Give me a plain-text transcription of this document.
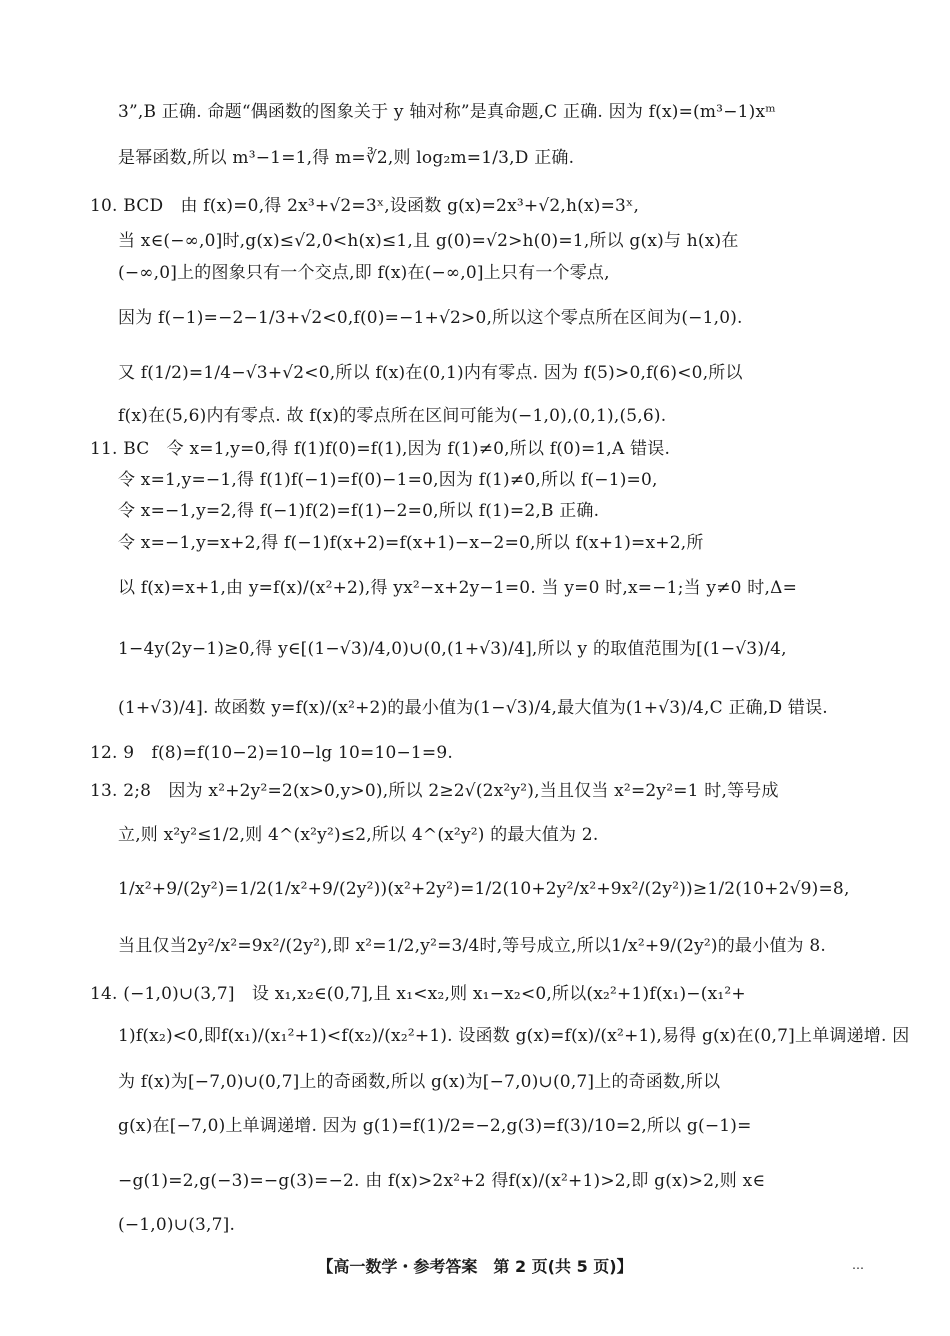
3”,B 正确. 命题“偶函数的图象关于 y 轴对称”是真命题,C 正确. 因为 f(x)=(m³−1)xᵐ
是幂函数,所以 m³−1=1,得 m=∛2,则 log₂m=1/3,D 正确.
10. BCD　由 f(x)=0,得 2x³+√2=3ˣ,设函数 g(x)=2x³+√2,h(x)=3ˣ,
当 x∈(−∞,0]时,g(x)≤√2,0<h(x)≤1,且 g(0)=√2>h(0)=1,所以 g(x)与 h(x)在
(−∞,0]上的图象只有一个交点,即 f(x)在(−∞,0]上只有一个零点,
因为 f(−1)=−2−1/3+√2<0,f(0)=−1+√2>0,所以这个零点所在区间为(−1,0).
又 f(1/2)=1/4−√3+√2<0,所以 f(x)在(0,1)内有零点. 因为 f(5)>0,f(6)<0,所以
f(x)在(5,6)内有零点. 故 f(x)的零点所在区间可能为(−1,0),(0,1),(5,6).
11. BC　令 x=1,y=0,得 f(1)f(0)=f(1),因为 f(1)≠0,所以 f(0)=1,A 错误.
令 x=1,y=−1,得 f(1)f(−1)=f(0)−1=0,因为 f(1)≠0,所以 f(−1)=0,
令 x=−1,y=2,得 f(−1)f(2)=f(1)−2=0,所以 f(1)=2,B 正确.
令 x=−1,y=x+2,得 f(−1)f(x+2)=f(x+1)−x−2=0,所以 f(x+1)=x+2,所
以 f(x)=x+1,由 y=f(x)/(x²+2),得 yx²−x+2y−1=0. 当 y=0 时,x=−1;当 y≠0 时,Δ=
1−4y(2y−1)≥0,得 y∈[(1−√3)/4,0)∪(0,(1+√3)/4],所以 y 的取值范围为[(1−√3)/4,
(1+√3)/4]. 故函数 y=f(x)/(x²+2)的最小值为(1−√3)/4,最大值为(1+√3)/4,C 正确,D 错误.
12. 9　f(8)=f(10−2)=10−lg 10=10−1=9.
13. 2;8　因为 x²+2y²=2(x>0,y>0),所以 2≥2√(2x²y²),当且仅当 x²=2y²=1 时,等号成
立,则 x²y²≤1/2,则 4^(x²y²)≤2,所以 4^(x²y²) 的最大值为 2.
1/x²+9/(2y²)=1/2(1/x²+9/(2y²))(x²+2y²)=1/2(10+2y²/x²+9x²/(2y²))≥1/2(10+2√9)=8,
当且仅当2y²/x²=9x²/(2y²),即 x²=1/2,y²=3/4时,等号成立,所以1/x²+9/(2y²)的最小值为 8.
14. (−1,0)∪(3,7]　设 x₁,x₂∈(0,7],且 x₁<x₂,则 x₁−x₂<0,所以(x₂²+1)f(x₁)−(x₁²+
1)f(x₂)<0,即f(x₁)/(x₁²+1)<f(x₂)/(x₂²+1). 设函数 g(x)=f(x)/(x²+1),易得 g(x)在(0,7]上单调递增. 因
为 f(x)为[−7,0)∪(0,7]上的奇函数,所以 g(x)为[−7,0)∪(0,7]上的奇函数,所以
g(x)在[−7,0)上单调递增. 因为 g(1)=f(1)/2=−2,g(3)=f(3)/10=2,所以 g(−1)=
−g(1)=2,g(−3)=−g(3)=−2. 由 f(x)>2x²+2 得f(x)/(x²+1)>2,即 g(x)>2,则 x∈
(−1,0)∪(3,7].
【高一数学・参考答案　第 2 页(共 5 页)】	…
